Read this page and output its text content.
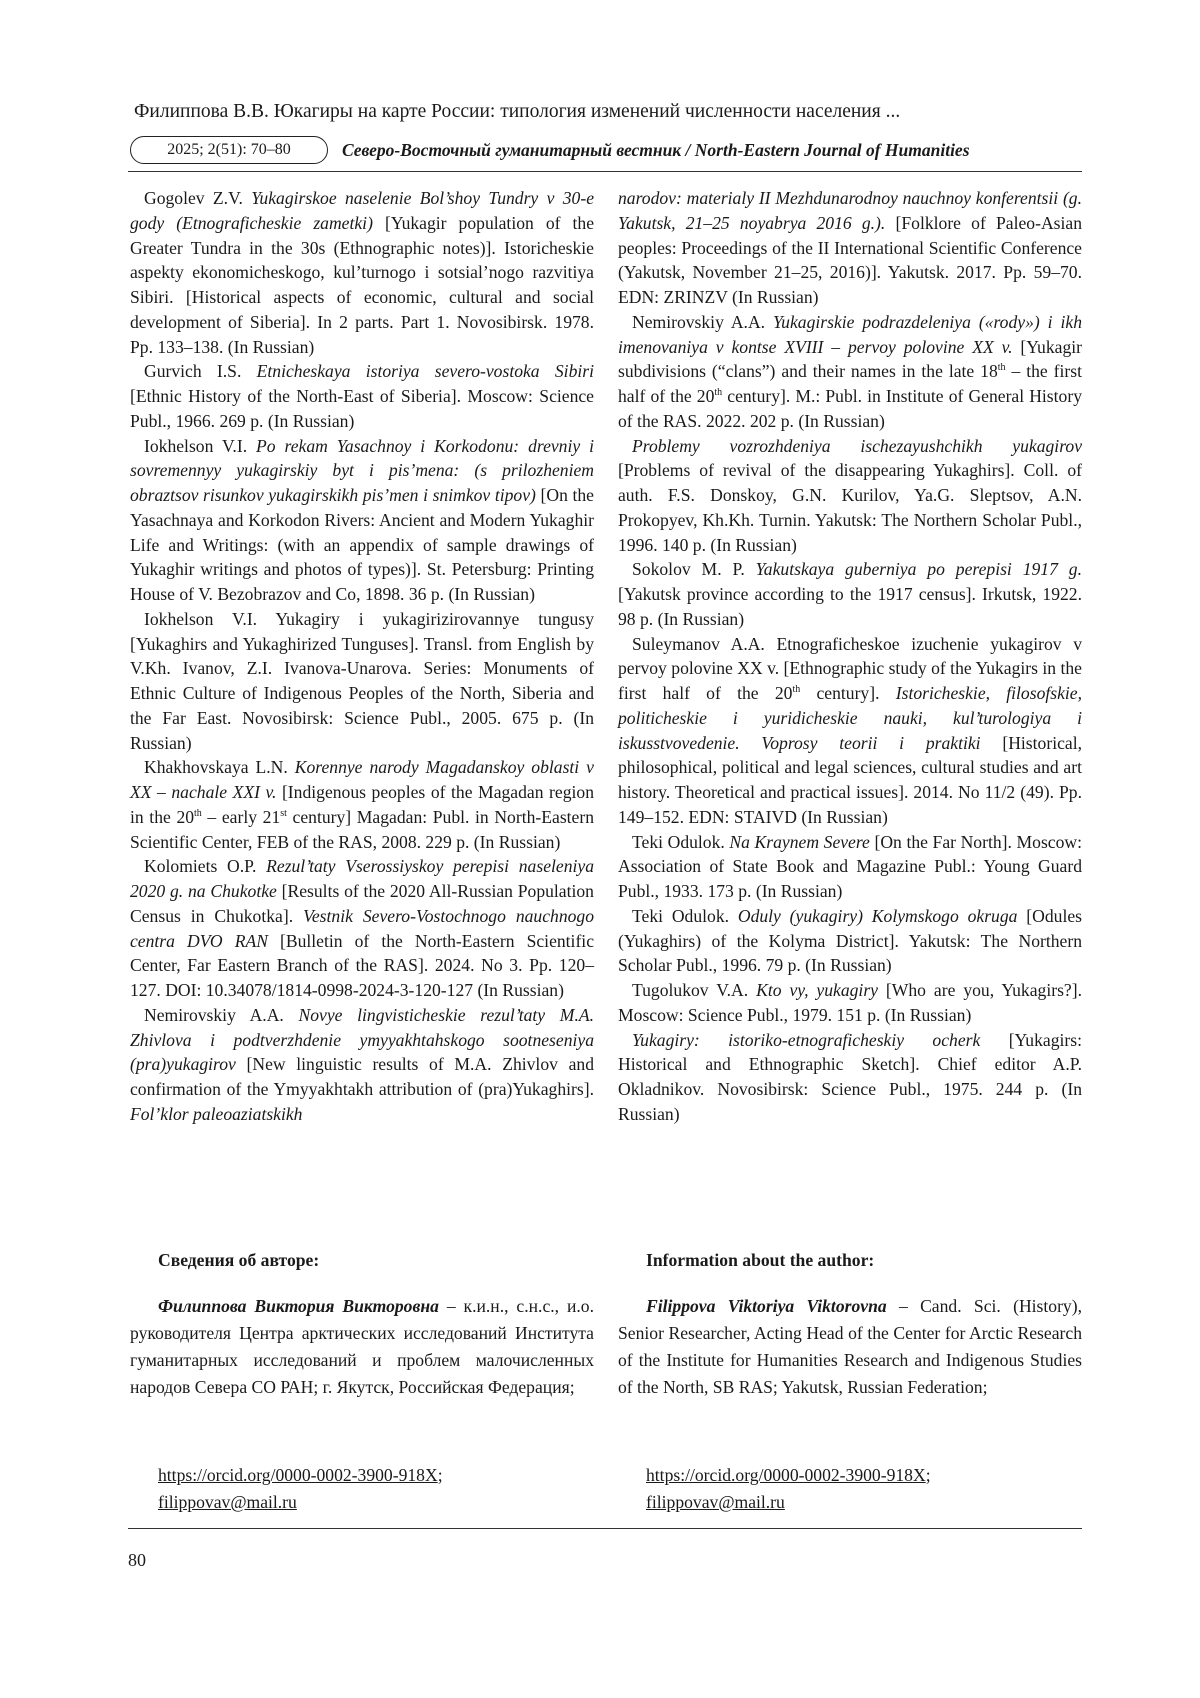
Филиппова В.В. Юкагиры на карте России: типология изменений численности населения ...
2025; 2(51): 70–80	Северо-Восточный гуманитарный вестник / North-Eastern Journal of Humanities

Gogolev Z.V. Yukagirskoe naselenie Bol’shoy Tundry v 30-e gody (Etnograficheskie zametki) [Yukagir population of the Greater Tundra in the 30s (Ethnographic notes)]. Istoricheskie aspekty ekonomicheskogo, kul’turnogo i sotsial’nogo razvitiya Sibiri. [Historical aspects of economic, cultural and social development of Siberia]. In 2 parts. Part 1. Novosibirsk. 1978. Pp. 133–138. (In Russian)

Gurvich I.S. Etnicheskaya istoriya severo-vostoka Sibiri [Ethnic History of the North-East of Siberia]. Moscow: Science Publ., 1966. 269 p. (In Russian)

Iokhelson V.I. Po rekam Yasachnoy i Korkodonu: drevniy i sovremennyy yukagirskiy byt i pis’mena: (s prilozheniem obraztsov risunkov yukagirskikh pis’men i snimkov tipov) [On the Yasachnaya and Korkodon Rivers: Ancient and Modern Yukaghir Life and Writings: (with an appendix of sample drawings of Yukaghir writings and photos of types)]. St. Petersburg: Printing House of V. Bezobrazov and Co, 1898. 36 p. (In Russian)

Iokhelson V.I. Yukagiry i yukagirizirovannye tungusy [Yukaghirs and Yukaghirized Tunguses]. Transl. from English by V.Kh. Ivanov, Z.I. Ivanova-Unarova. Series: Monuments of Ethnic Culture of Indigenous Peoples of the North, Siberia and the Far East. Novosibirsk: Science Publ., 2005. 675 p. (In Russian)

Khakhovskaya L.N. Korennye narody Magadanskoy oblasti v XX – nachale XXI v. [Indigenous peoples of the Magadan region in the 20th – early 21st century] Magadan: Publ. in North-Eastern Scientific Center, FEB of the RAS, 2008. 229 p. (In Russian)

Kolomiets O.P. Rezul’taty Vserossiyskoy perepisi naseleniya 2020 g. na Chukotke [Results of the 2020 All-Russian Population Census in Chukotka]. Vestnik Severo-Vostochnogo nauchnogo centra DVO RAN [Bulletin of the North-Eastern Scientific Center, Far Eastern Branch of the RAS]. 2024. No 3. Pp. 120–127. DOI: 10.34078/1814-0998-2024-3-120-127 (In Russian)

Nemirovskiy A.A. Novye lingvisticheskie rezul’taty M.A. Zhivlova i podtverzhdenie ymyyakhtahskogo sootneseniya (pra)yukagirov [New linguistic results of M.A. Zhivlov and confirmation of the Ymyyakhtakh attribution of (pra)Yukaghirs]. Fol’klor paleoaziatskikh

narodov: materialy II Mezhdunarodnoy nauchnoy konferentsii (g. Yakutsk, 21–25 noyabrya 2016 g.). [Folklore of Paleo-Asian peoples: Proceedings of the II International Scientific Conference (Yakutsk, November 21–25, 2016)]. Yakutsk. 2017. Pp. 59–70. EDN: ZRINZV (In Russian)

Nemirovskiy A.A. Yukagirskie podrazdeleniya («rody») i ikh imenovaniya v kontse XVIII – pervoy polovine XX v. [Yukagir subdivisions (“clans”) and their names in the late 18th – the first half of the 20th century]. M.: Publ. in Institute of General History of the RAS. 2022. 202 p. (In Russian)

Problemy vozrozhdeniya ischezayushchikh yukagirov [Problems of revival of the disappearing Yukaghirs]. Coll. of auth. F.S. Donskoy, G.N. Kurilov, Ya.G. Sleptsov, A.N. Prokopyev, Kh.Kh. Turnin. Yakutsk: The Northern Scholar Publ., 1996. 140 p. (In Russian)

Sokolov M. P. Yakutskaya guberniya po perepisi 1917 g. [Yakutsk province according to the 1917 census]. Irkutsk, 1922. 98 p. (In Russian)

Suleymanov A.A. Etnograficheskoe izuchenie yukagirov v pervoy polovine XX v. [Ethnographic study of the Yukagirs in the first half of the 20th century]. Istoricheskie, filosofskie, politicheskie i yuridicheskie nauki, kul’turologiya i iskusstvovedenie. Voprosy teorii i praktiki [Historical, philosophical, political and legal sciences, cultural studies and art history. Theoretical and practical issues]. 2014. No 11/2 (49). Pp. 149–152. EDN: STAIVD (In Russian)

Teki Odulok. Na Kraynem Severe [On the Far North]. Moscow: Association of State Book and Magazine Publ.: Young Guard Publ., 1933. 173 p. (In Russian)

Teki Odulok. Oduly (yukagiry) Kolymskogo okruga [Odules (Yukaghirs) of the Kolyma District]. Yakutsk: The Northern Scholar Publ., 1996. 79 p. (In Russian)

Tugolukov V.A. Kto vy, yukagiry [Who are you, Yukagirs?]. Moscow: Science Publ., 1979. 151 p. (In Russian)

Yukagiry: istoriko-etnograficheskiy ocherk [Yukagirs: Historical and Ethnographic Sketch]. Chief editor A.P. Okladnikov. Novosibirsk: Science Publ., 1975. 244 p. (In Russian)

Сведения об авторе:	Information about the author:
Филиппова Виктория Викторовна – к.и.н., с.н.с., и.о. руководителя Центра арктических исследований Института гуманитарных исследований и проблем малочисленных народов Севера СО РАН; г. Якутск, Российская Федерация;
Filippova Viktoriya Viktorovna – Cand. Sci. (History), Senior Researcher, Acting Head of the Center for Arctic Research of the Institute for Humanities Research and Indigenous Studies of the North, SB RAS; Yakutsk, Russian Federation;
https://orcid.org/0000-0002-3900-918X;
filippovav@mail.ru
https://orcid.org/0000-0002-3900-918X;
filippovav@mail.ru
80
